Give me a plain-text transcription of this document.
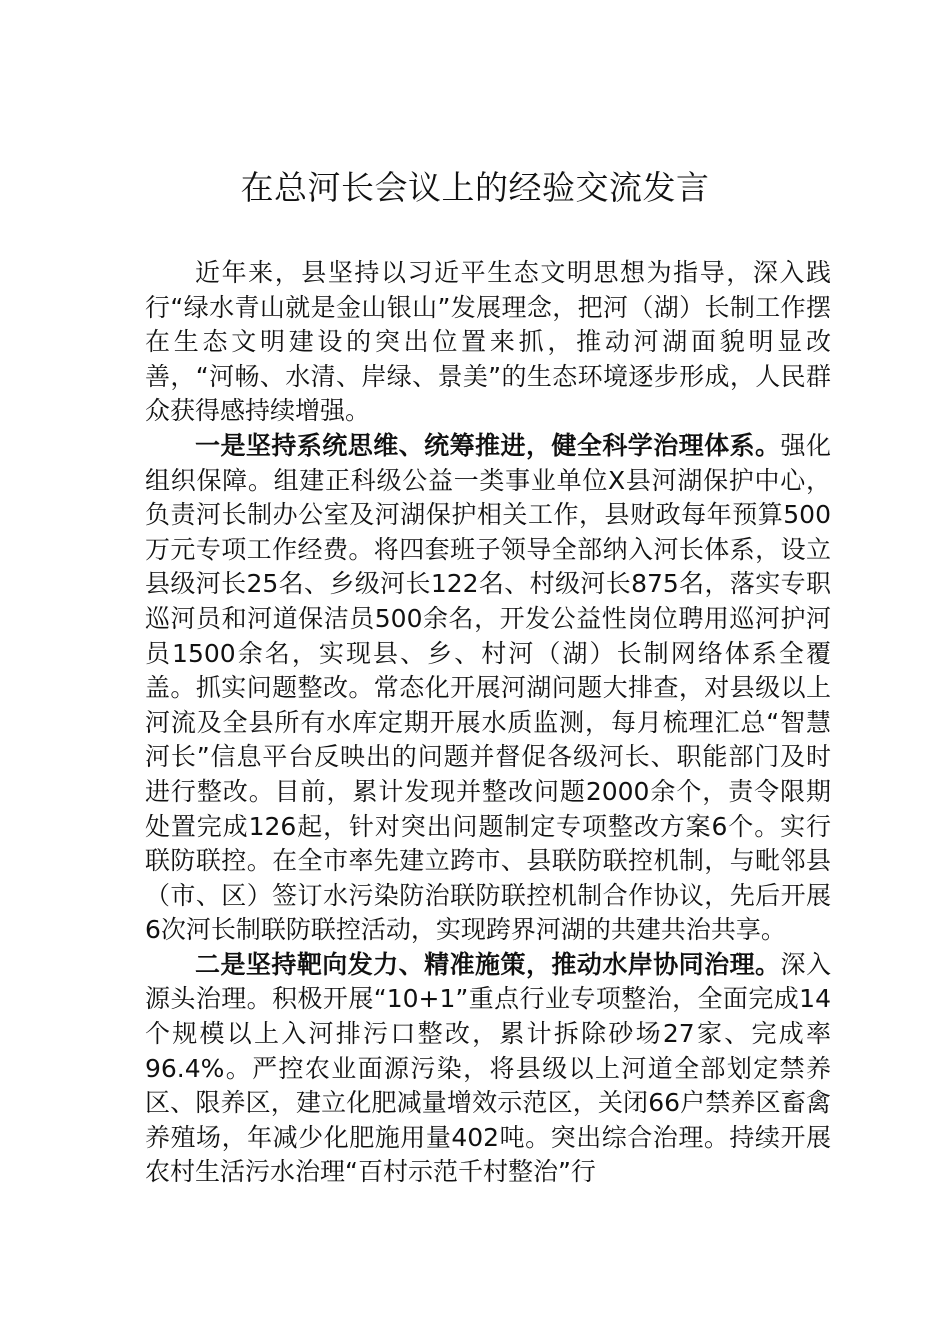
在总河长会议上的经验交流发言

近年来，县坚持以习近平生态文明思想为指导，深入践行“绿水青山就是金山银山”发展理念，把河（湖）长制工作摆在生态文明建设的突出位置来抓，推动河湖面貌明显改善，“河畅、水清、岸绿、景美”的生态环境逐步形成，人民群众获得感持续增强。

一是坚持系统思维、统筹推进，健全科学治理体系。强化组织保障。组建正科级公益一类事业单位X县河湖保护中心，负责河长制办公室及河湖保护相关工作，县财政每年预算500万元专项工作经费。将四套班子领导全部纳入河长体系，设立县级河长25名、乡级河长122名、村级河长875名，落实专职巡河员和河道保洁员500余名，开发公益性岗位聘用巡河护河员1500余名，实现县、乡、村河（湖）长制网络体系全覆盖。抓实问题整改。常态化开展河湖问题大排查，对县级以上河流及全县所有水库定期开展水质监测，每月梳理汇总“智慧河长”信息平台反映出的问题并督促各级河长、职能部门及时进行整改。目前，累计发现并整改问题2000余个，责令限期处置完成126起，针对突出问题制定专项整改方案6个。实行联防联控。在全市率先建立跨市、县联防联控机制，与毗邻县（市、区）签订水污染防治联防联控机制合作协议，先后开展6次河长制联防联控活动，实现跨界河湖的共建共治共享。

二是坚持靶向发力、精准施策，推动水岸协同治理。深入源头治理。积极开展“10+1”重点行业专项整治，全面完成14个规模以上入河排污口整改，累计拆除砂场27家、完成率96.4%。严控农业面源污染，将县级以上河道全部划定禁养区、限养区，建立化肥减量增效示范区，关闭66户禁养区畜禽养殖场，年减少化肥施用量402吨。突出综合治理。持续开展农村生活污水治理“百村示范千村整治”行
